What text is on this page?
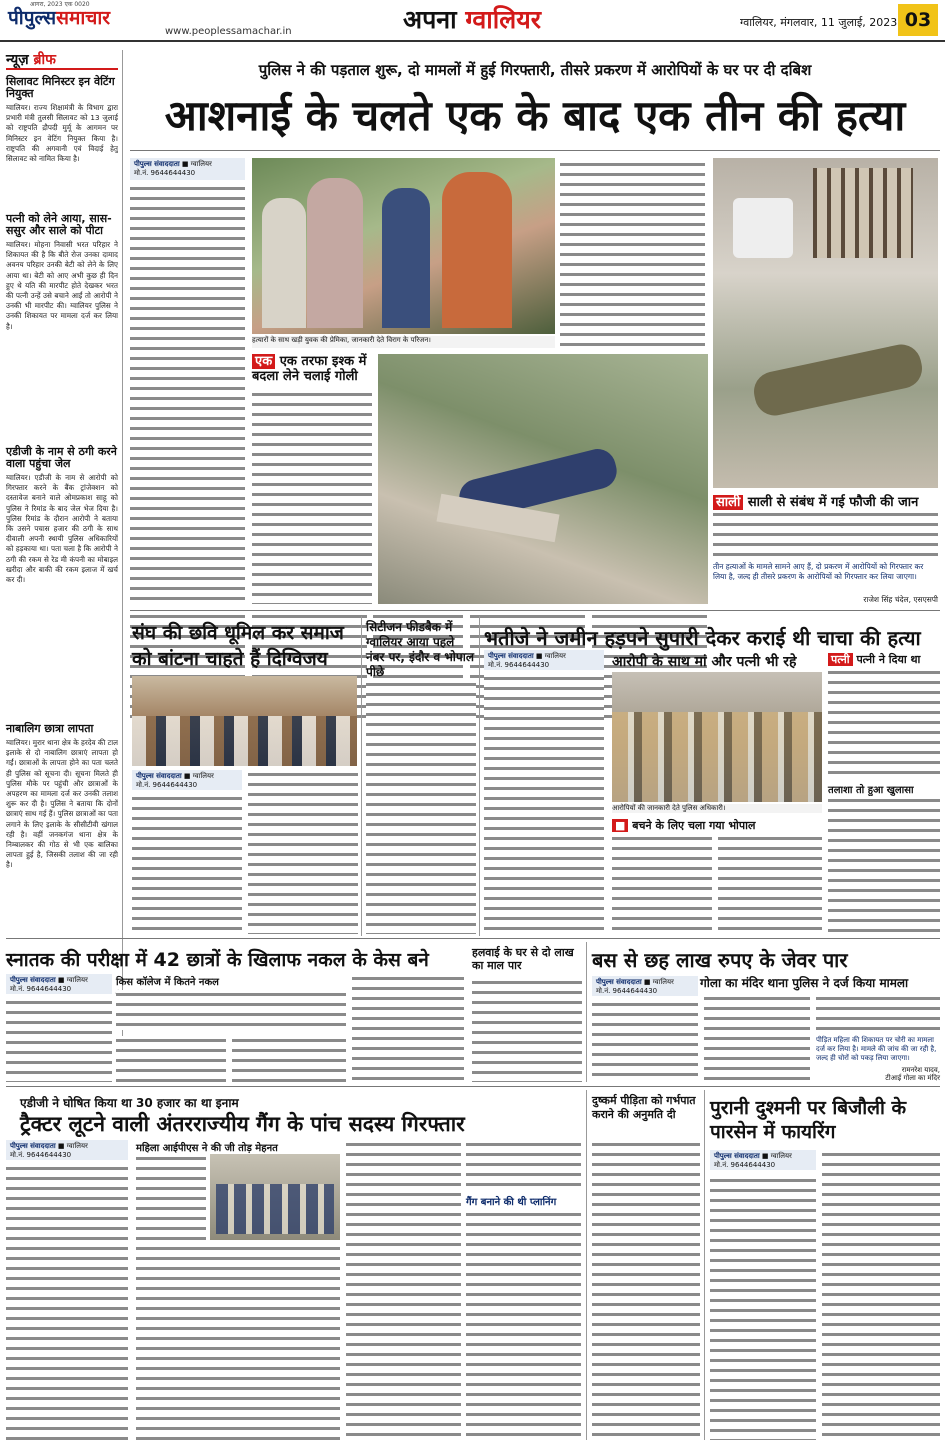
आगरा, 2023 एक 0020
पीपुल्ससमाचार
www.peoplessamachar.in	अपना ग्वालियर	ग्वालियर, मंगलवार, 11 जुलाई, 2023 03
न्यूज़ ब्रीफ
सिलावट मिनिस्टर इन वेटिंग नियुक्त
ग्वालियर। राज्य शिक्षामंत्री के विभाग द्वारा प्रभारी मंत्री तुलसी सिलावट को 13 जुलाई को राष्ट्रपति द्रौपदी मुर्मू के आगमन पर मिनिस्टर इन वेटिंग नियुक्त किया है। राष्ट्रपति की अगवानी एवं विदाई हेतु सिलावट को नामित किया है।
पत्नी को लेने आया, सास-ससुर और साले को पीटा
ग्वालियर। मोहना निवासी भरत परिहार ने शिकायत की है कि बीते रोज उनका दामाद अवनय परिहार उनकी बेटी को लेने के लिए आया था। बेटी को आए अभी कुछ ही दिन हुए थे यति की मारपीट होते देखकर भरत की पत्नी उन्हें उसे बचाने आईं तो आरोपी ने उनकी भी मारपीट की। ग्वालियर पुलिस ने उनकी शिकायत पर मामला दर्ज कर लिया है।
एडीजी के नाम से ठगी करने वाला पहुंचा जेल
ग्वालियर। एडीजी के नाम से आरोपी को गिरफ्तार करने के बैंक ट्रांजेक्शन को दस्तावेज बनाने वाले ओमप्रकाश साहू को पुलिस ने रिमांड के बाद जेल भेज दिया है। पुलिस रिमांड के दौरान आरोपी ने बताया कि उसने पचास हजार की ठगी के साथ दीवाली अपनी स्थायी पुलिस अधिकारियों को हड़काया था। पता चला है कि आरोपी ने ठगी की रकम से रेड मी कंपनी का मोबाइल खरीदा और बाकी की रकम इलाज में खर्च कर दी।
नाबालिग छात्रा लापता
ग्वालियर। मुरार थाना क्षेत्र के हरदेव की टाल इलाके से दो नाबालिग छात्राएं लापता हो गईं। छात्राओं के लापता होने का पता चलते ही पुलिस को सूचना दी। सूचना मिलते ही पुलिस मौके पर पहुंची और छात्राओं के अपहरण का मामला दर्ज कर उनकी तलाश शुरू कर दी है। पुलिस ने बताया कि दोनों छात्राएं साथ गई हैं। पुलिस छात्राओं का पता लगाने के लिए इलाके के सीसीटीवी खंगाल रही है। वहीं जनकगंज थाना क्षेत्र के निम्बालकर की गोठ से भी एक बालिका लापता हुई है, जिसकी तलाश की जा रही है।
पुलिस ने की पड़ताल शुरू, दो मामलों में हुई गिरफ्तारी, तीसरे प्रकरण में आरोपियों के घर पर दी दबिश
आशनाई के चलते एक के बाद एक तीन की हत्या
पीपुल्स संवाददाता ■ ग्वालियर
मो.नं. 9644644430
हत्यारों के साथ खड़ी युवक की प्रेमिका, जानकारी देते विराग के परिजन।
एक एक तरफा इश्क में बदला लेने चलाई गोली
साली साली से संबंध में गई फौजी की जान
तीन हत्याओं के मामले सामने आए हैं, दो प्रकरण में आरोपियों को गिरफ्तार कर लिया है, जल्द ही तीसरे प्रकरण के आरोपियों को गिरफ्तार कर लिया जाएगा।
राजेश सिंह चंदेल, एसएसपी
संघ की छवि धूमिल कर समाज को बांटना चाहते हैं दिग्विजय
पीपुल्स संवाददाता ■ ग्वालियर
मो.नं. 9644644430
सिटीजन फीडबैक में ग्वालियर आया पहले नंबर पर, इंदौर व भोपाल पीछे
भतीजे ने जमीन हड़पने सुपारी देकर कराई थी चाचा की हत्या
पीपुल्स संवाददाता ■ ग्वालियर
मो.नं. 9644644430	आरोपी के साथ मां और पत्नी भी रहे
आरोपियों की जानकारी देते पुलिस अधिकारी।
■ बचने के लिए चला गया भोपाल
पत्नी पत्नी ने दिया था
तलाशा तो हुआ खुलासा
स्नातक की परीक्षा में 42 छात्रों के खिलाफ नकल के केस बने
पीपुल्स संवाददाता ■ ग्वालियर
मो.नं. 9644644430
किस कॉलेज में कितने नकल
हलवाई के घर से दो लाख का माल पार	बस से छह लाख रुपए के जेवर पार
गोला का मंदिर थाना पुलिस ने दर्ज किया मामला
पीपुल्स संवाददाता ■ ग्वालियर
मो.नं. 9644644430
पीड़ित महिला की शिकायत पर चोरी का मामला दर्ज कर लिया है। मामले की जांच की जा रही है, जल्द ही चोरों को पकड़ लिया जाएगा।
रामनरेश यादव,
टीआई गोला का मंदिर
एडीजी ने घोषित किया था 30 हजार का था इनाम
ट्रैक्टर लूटने वाली अंतरराज्यीय गैंग के पांच सदस्य गिरफ्तार
पीपुल्स संवाददाता ■ ग्वालियर
मो.नं. 9644644430
महिला आईपीएस ने की जी तोड़ मेहनत
गैंग बनाने की थी प्लानिंग
दुष्कर्म पीड़िता को गर्भपात कराने की अनुमति दी	पुरानी दुश्मनी पर बिजौली के पारसेन में फायरिंग
पीपुल्स संवाददाता ■ ग्वालियर
मो.नं. 9644644430
